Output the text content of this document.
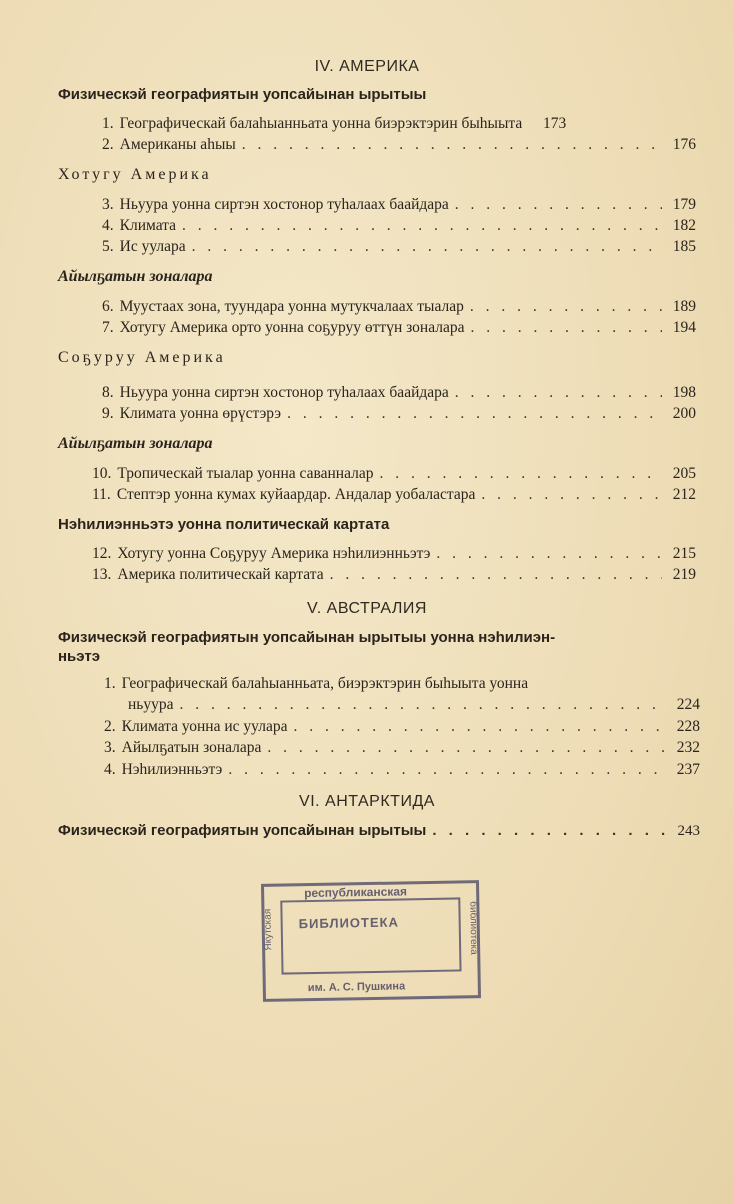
IV. АМЕРИКА
Физическэй географиятын уопсайынан ырытыы
1. Географическай балаһыанньата уонна биэрэктэрин быһыыта	173
2. Американы аһыы . . .	176
Хотугу Америка
3. Ньуура уонна сиртэн хостонор туһалаах баайдара . . .	179
4. Климата . . .	182
5. Ис уулара . . .	185
Айылҕатын зоналара
6. Муустаах зона, туундара уонна мутукчалаах тыалар . . .	189
7. Хотугу Америка орто уонна соҕуруу өттүн зоналара . . .	194
Соҕуруу Америка
8. Ньуура уонна сиртэн хостонор туһалаах баайдара . . .	198
9. Климата уонна өрүстэрэ . . .	200
Айылҕатын зоналара
10. Тропическай тыалар уонна саванналар . . .	205
11. Стептэр уонна кумах куйаардар. Андалар уобаластара . . .	212
Нэһилиэнньэтэ уонна политическай картата
12. Хотугу уонна Соҕуруу Америка нэһилиэнньэтэ . . .	215
13. Америка политическай картата . . .	219
V. АВСТРАЛИЯ
Физическэй географиятын уопсайынан ырытыы уонна нэһилиэн-
ньэтэ
1. Географическай балаһыанньата, биэрэктэрин быһыыта уонна
ньуура . . .	224
2. Климата уонна ис уулара . . .	228
3. Айылҕатын зоналара . . .	232
4. Нэһилиэнньэтэ . . .	237
VI. АНТАРКТИДА
Физическэй географиятын уопсайынан ырытыы . . .	243
республиканская
БИБЛИОТЕКА
им. А. С. Пушкина
Якутская	библиотека
